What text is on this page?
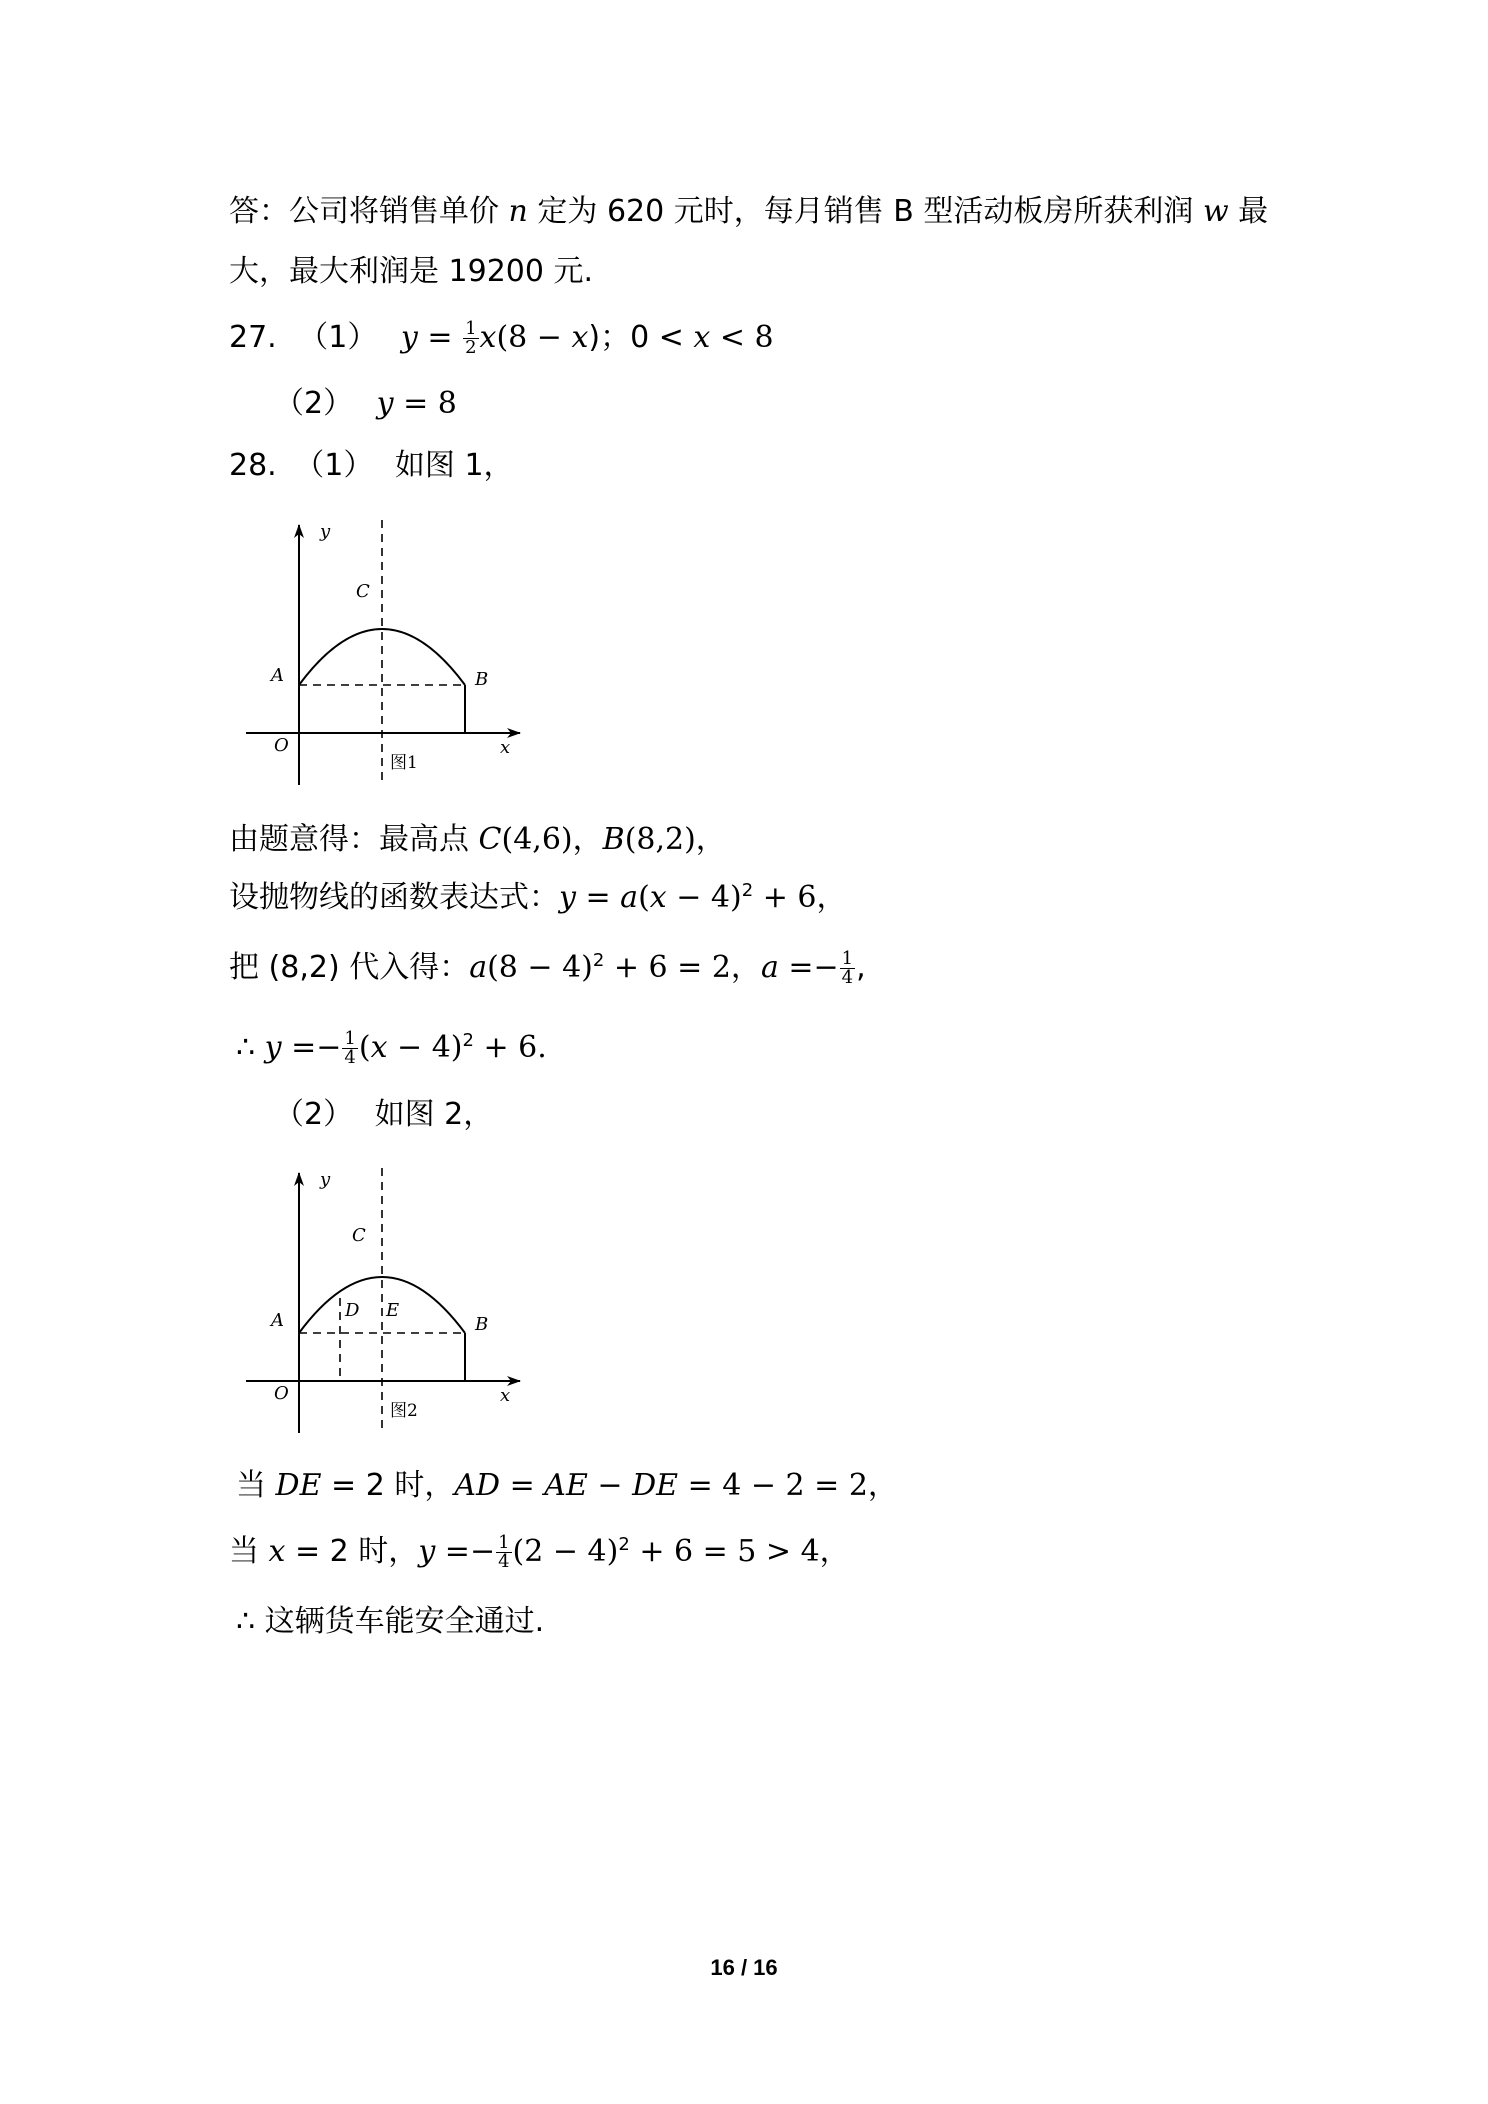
答：公司将销售单价 n 定为 620 元时，每月销售 B 型活动板房所获利润 w 最
大，最大利润是 19200 元.
27. （1） $y = \frac{1}{2} x(8 - x)$；0 < x < 8
（2） y = 8
28. （1） 如图 1，
y
C
A	B
O	x
图1
由题意得：最高点 C(4,6)，B(8,2)，
设抛物线的函数表达式：$y = a(x - 4)^2 + 6$，
把 (8,2) 代入得：$a(8 - 4)^2 + 6 = 2$，$a =- \frac{1}{4}$ ,
∴ $y =- \frac{1}{4} (x - 4)^2 + 6$.
（2） 如图 2，
y
C
D E
A	B
O	x
图2
当 DE = 2 时，AD = AE − DE = 4 − 2 = 2，
当 x = 2 时，$y =- \frac{1}{4} (2 - 4)^2 + 6 = 5 > 4$，
∴ 这辆货车能安全通过.
16 / 16
